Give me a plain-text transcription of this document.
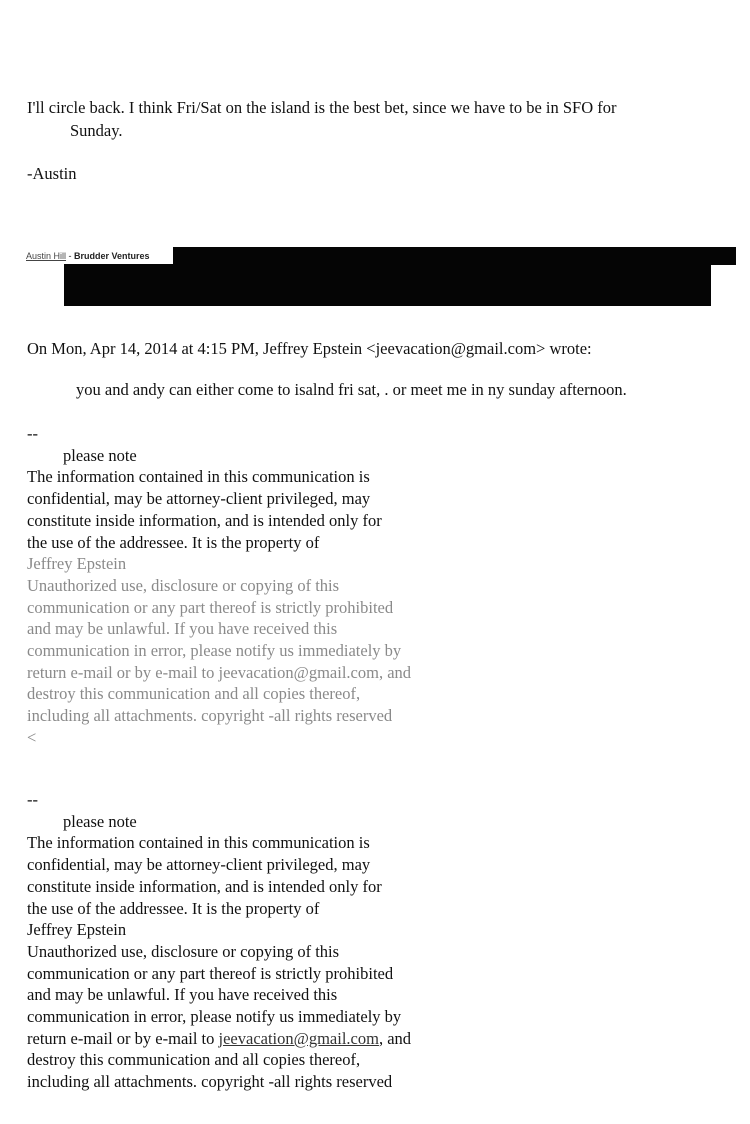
I'll circle back. I think Fri/Sat on the island is the best bet, since we have to be in SFO for
Sunday.
-Austin
Austin Hill - Brudder Ventures
On Mon, Apr 14, 2014 at 4:15 PM, Jeffrey Epstein <jeevacation@gmail.com> wrote:
you and andy can either come to isalnd fri sat, . or meet me in ny sunday afternoon.
--
please note
The information contained in this communication is
confidential, may be attorney-client privileged, may
constitute inside information, and is intended only for
the use of the addressee. It is the property of
Jeffrey Epstein
Unauthorized use, disclosure or copying of this
communication or any part thereof is strictly prohibited
and may be unlawful. If you have received this
communication in error, please notify us immediately by
return e-mail or by e-mail to jeevacation@gmail.com, and
destroy this communication and all copies thereof,
including all attachments. copyright -all rights reserved
<
--
please note
The information contained in this communication is
confidential, may be attorney-client privileged, may
constitute inside information, and is intended only for
the use of the addressee. It is the property of
Jeffrey Epstein
Unauthorized use, disclosure or copying of this
communication or any part thereof is strictly prohibited
and may be unlawful. If you have received this
communication in error, please notify us immediately by
return e-mail or by e-mail to jeevacation@gmail.com, and
destroy this communication and all copies thereof,
including all attachments. copyright -all rights reserved
